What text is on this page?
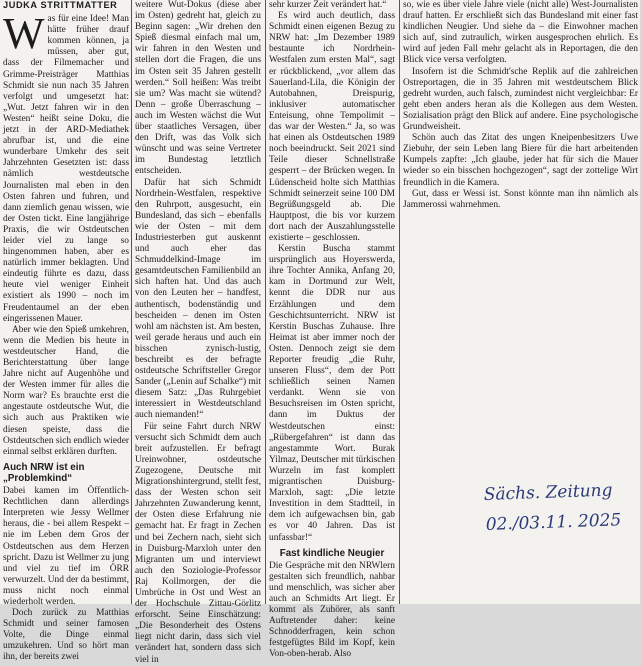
JUDKA STRITTMATTER

Was für eine Idee! Man hätte früher drauf kommen können, ja müssen, aber gut, dass der Filmemacher und Grimme-Preisträger Matthias Schmidt sie nun nach 35 Jahren verfolgt und umgesetzt hat: „Wut. Jetzt fahren wir in den Westen“ heißt seine Doku, die jetzt in der ARD-Mediathek abrufbar ist, und die eine wunderbare Umkehr des seit Jahrzehnten Gesetzten ist: dass nämlich westdeutsche Journalisten mal eben in den Osten fahren und fuhren, und dann ziemlich genau wissen, wie der Osten tickt. Eine langjährige Praxis, die wir Ostdeutschen leider viel zu lange so hingenommen haben, aber es natürlich immer beklagten. Und eindeutig führte es dazu, dass heute viel weniger Einheit existiert als 1990 – noch im Freudentaumel an der eben eingerissenen Mauer.

Aber wie den Spieß umkehren, wenn die Medien bis heute in westdeutscher Hand, die Berichterstattung über lange Jahre nicht auf Augenhöhe und der Westen immer für alles die Norm war? Es brauchte erst die angestaute ostdeutsche Wut, die sich auch aus Praktiken wie diesen speiste, dass die Ostdeutschen sich endlich wieder einmal selbst erklären durften.

Auch NRW ist ein „Problemkind“

Dabei kamen im Öffentlich-Rechtlichen dann allerdings Interpreten wie Jessy Wellmer heraus, die - bei allem Respekt – nie im Leben dem Gros der Ostdeutschen aus dem Herzen spricht. Dazu ist Wellmer zu jung und viel zu tief im ÖRR verwurzelt. Und der da bestimmt, muss nicht noch einmal wiederholt werden.

Doch zurück zu Matthias Schmidt und seiner famosen Volte, die Dinge einmal umzukehren. Und so hört man ihn, der bereits zwei

weitere Wut-Dokus (diese aber im Osten) gedreht hat, gleich zu Beginn sagen: „Wir drehen den Spieß diesmal einfach mal um, wir fahren in den Westen und stellen dort die Fragen, die uns im Osten seit 35 Jahren gestellt werden.“ Soll heißen: Was treibt sie um? Was macht sie wütend? Denn – große Überraschung – auch im Westen wächst die Wut über staatliches Versagen, über den Drift, was das Volk sich wünscht und was seine Vertreter im Bundestag letztlich entscheiden.

Dafür hat sich Schmidt Nordrhein-Westfalen, respektive den Ruhrpott, ausgesucht, ein Bundesland, das sich – ebenfalls wie der Osten – mit dem Industriesterben gut auskennt und auch eher das Schmuddelkind-Image im gesamtdeutschen Familienbild an sich haften hat. Und das auch von den Leuten her – handfest, authentisch, bodenständig und bescheiden – denen im Osten wohl am nächsten ist. Am besten, weil gerade heraus und auch ein bisschen zynisch-lustig, beschreibt es der befragte ostdeutsche Schriftsteller Gregor Sander („Lenin auf Schalke“) mit diesem Satz: „Das Ruhrgebiet interessiert in Westdeutschland auch niemanden!“

Für seine Fahrt durch NRW versucht sich Schmidt dem auch breit aufzustellen. Er befragt Ureinwohner, ostdeutsche Zugezogene, Deutsche mit Migrationshintergrund, stellt fest, dass der Westen schon seit Jahrzehnten Zuwanderung kennt, der Osten diese Erfahrung nie gemacht hat. Er fragt in Zechen und bei Zechern nach, sieht sich in Duisburg-Marxloh unter den Migranten um und interviewt auch den Soziologie-Professor Raj Kollmorgen, der die Umbrüche in Ost und West an der Hochschule Zittau-Görlitz erforscht. Seine Einschätzung: „Die Besonderheit des Ostens liegt nicht darin, dass sich viel verändert hat, sondern dass sich viel in

sehr kurzer Zeit verändert hat.“

Es wird auch deutlich, dass Schmidt einen eigenen Bezug zu NRW hat: „Im Dezember 1989 bestaunte ich Nordrhein-Westfalen zum ersten Mal“, sagt er rückblickend, „vor allem das Sauerland-Lila, die Königin der Autobahnen, Dreispurig, inklusiver automatischer Enteisung, ohne Tempolimit – das war der Westen.“ Ja, so was hat einen als Ostdeutschen 1989 noch beeindruckt. Seit 2021 sind Teile dieser Schnellstraße gesperrt – der Brücken wegen. In Lüdenscheid holte sich Matthias Schmidt seinerzeit seine 100 DM Begrüßungsgeld ab. Die Hauptpost, die bis vor kurzem dort nach der Auszahlungsstelle existierte – geschlossen.

Kerstin Buscha stammt ursprünglich aus Hoyerswerda, ihre Tochter Annika, Anfang 20, kam in Dortmund zur Welt, kennt die DDR nur aus Erzählungen und dem Geschichtsunterricht. NRW ist Kerstin Buschas Zuhause. Ihre Heimat ist aber immer noch der Osten. Dennoch zeigt sie dem Reporter freudig „die Ruhr, unseren Fluss“, dem der Pott schließlich seinen Namen verdankt. Wenn sie von Besuchsreisen im Osten spricht, dann im Duktus der Westdeutschen einst: „Rübergefahren“ ist dann das angestammte Wort. Burak Yilmaz, Deutscher mit türkischen Wurzeln im fast komplett migrantischen Duisburg-Marxloh, sagt: „Die letzte Investition in dem Stadtteil, in dem ich aufgewachsen bin, gab es vor 40 Jahren. Das ist unfassbar!“

Fast kindliche Neugier

Die Gespräche mit den NRWlern gestalten sich freundlich, nahbar und menschlich, was sicher aber auch an Schmidts Art liegt. Er kommt als Zuhörer, als sanft Auftretender daher: keine Schnodderfragen, kein schon festgefügtes Bild im Kopf, kein Von-oben-herab. Also

so, wie es über viele Jahre viele (nicht alle) West-Journalisten drauf hatten. Er erschließt sich das Bundesland mit einer fast kindlichen Neugier. Und siehe da – die Einwohner machen sich auf, sind zutraulich, wirken ausgesprochen ehrlich. Es wird auf jeden Fall mehr gelacht als in Reportagen, die den Blick vice versa verfolgten.

Insofern ist die Schmidt'sche Replik auf die zahlreichen Ostreportagen, die in 35 Jahren mit westdeutschem Blick gedreht wurden, auch falsch, zumindest nicht vergleichbar: Er geht eben anders heran als die Kollegen aus dem Westen. Sozialisation prägt den Blick auf andere. Eine psychologische Grundweisheit.

Schön auch das Zitat des ungen Kneipenbesitzers Uwe Ziebuhr, der sein Leben lang Biere für die hart arbeitenden Kumpels zapfte: „Ich glaube, jeder hat für sich die Mauer wieder so ein bisschen hochgezogen“, sagt der zottelige Wirt freundlich in die Kamera.

Gut, dass er Wessi ist. Sonst könnte man ihn nämlich als Jammerossi wahrnehmen.

Sächs. Zeitung
02./03.11. 2025
